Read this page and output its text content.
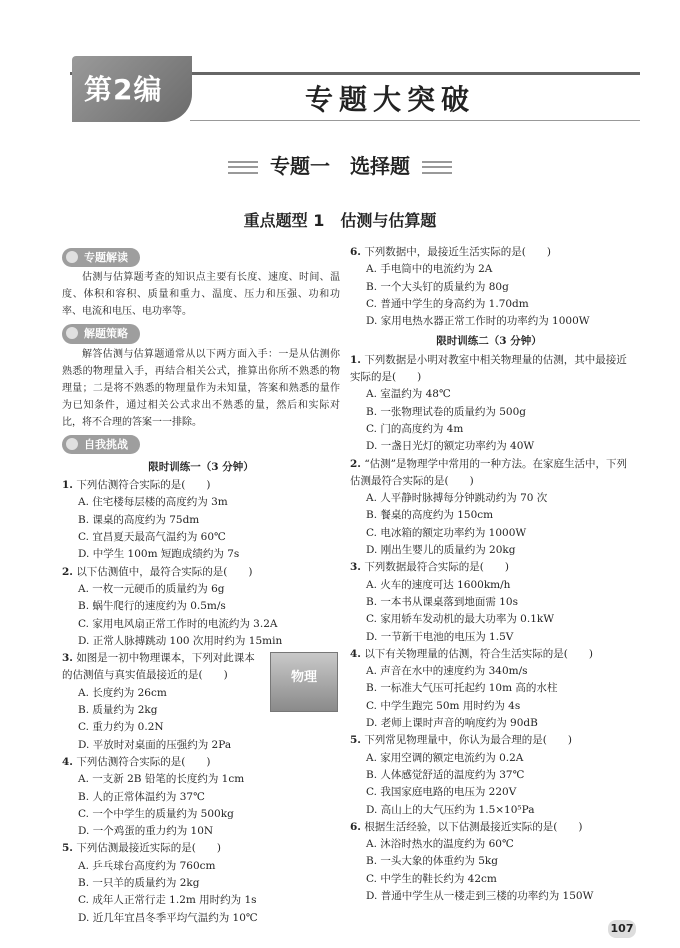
第2编	专题大突破
专题一　选择题
重点题型 1　估测与估算题
专题解读
估测与估算题考查的知识点主要有长度、速度、时间、温度、体积和容积、质量和重力、温度、压力和压强、功和功率、电流和电压、电功率等。
解题策略
解答估测与估算题通常从以下两方面入手：一是从估测你熟悉的物理量入手，再结合相关公式，推算出你所不熟悉的物理量；二是将不熟悉的物理量作为未知量，答案和熟悉的量作为已知条件，通过相关公式求出不熟悉的量，然后和实际对比，将不合理的答案一一排除。
自我挑战
限时训练一（3 分钟）

1. 下列估测符合实际的是(　　)

A. 住宅楼每层楼的高度约为 3m

B. 课桌的高度约为 75dm

C. 宜昌夏天最高气温约为 60℃

D. 中学生 100m 短跑成绩约为 7s

2. 以下估测值中，最符合实际的是(　　)

A. 一枚一元硬币的质量约为 6g

B. 蜗牛爬行的速度约为 0.5m/s

C. 家用电风扇正常工作时的电流约为 3.2A

D. 正常人脉搏跳动 100 次用时约为 15min

物理

3. 如图是一初中物理课本，下列对此课本的估测值与真实值最接近的是(　　)

A. 长度约为 26cm

B. 质量约为 2kg

C. 重力约为 0.2N

D. 平放时对桌面的压强约为 2Pa

4. 下列估测符合实际的是(　　)

A. 一支新 2B 铅笔的长度约为 1cm

B. 人的正常体温约为 37℃

C. 一个中学生的质量约为 500kg

D. 一个鸡蛋的重力约为 10N

5. 下列估测最接近实际的是(　　)

A. 乒乓球台高度约为 760cm

B. 一只羊的质量约为 2kg

C. 成年人正常行走 1.2m 用时约为 1s

D. 近几年宜昌冬季平均气温约为 10℃

6. 下列数据中，最接近生活实际的是(　　)

A. 手电筒中的电流约为 2A

B. 一个大头钉的质量约为 80g

C. 普通中学生的身高约为 1.70dm

D. 家用电热水器正常工作时的功率约为 1000W

限时训练二（3 分钟）

1. 下列数据是小明对教室中相关物理量的估测，其中最接近实际的是(　　)

A. 室温约为 48℃

B. 一张物理试卷的质量约为 500g

C. 门的高度约为 4m

D. 一盏日光灯的额定功率约为 40W

2. “估测”是物理学中常用的一种方法。在家庭生活中，下列估测最符合实际的是(　　)

A. 人平静时脉搏每分钟跳动约为 70 次

B. 餐桌的高度约为 150cm

C. 电冰箱的额定功率约为 1000W

D. 刚出生婴儿的质量约为 20kg

3. 下列数据最符合实际的是(　　)

A. 火车的速度可达 1600km/h

B. 一本书从课桌落到地面需 10s

C. 家用轿车发动机的最大功率为 0.1kW

D. 一节新干电池的电压为 1.5V

4. 以下有关物理量的估测，符合生活实际的是(　　)

A. 声音在水中的速度约为 340m/s

B. 一标准大气压可托起约 10m 高的水柱

C. 中学生跑完 50m 用时约为 4s

D. 老师上课时声音的响度约为 90dB

5. 下列常见物理量中，你认为最合理的是(　　)

A. 家用空调的额定电流约为 0.2A

B. 人体感觉舒适的温度约为 37℃

C. 我国家庭电路的电压为 220V

D. 高山上的大气压约为 1.5×10⁵Pa

6. 根据生活经验，以下估测最接近实际的是(　　)

A. 沐浴时热水的温度约为 60℃

B. 一头大象的体重约为 5kg

C. 中学生的鞋长约为 42cm

D. 普通中学生从一楼走到三楼的功率约为 150W

107
